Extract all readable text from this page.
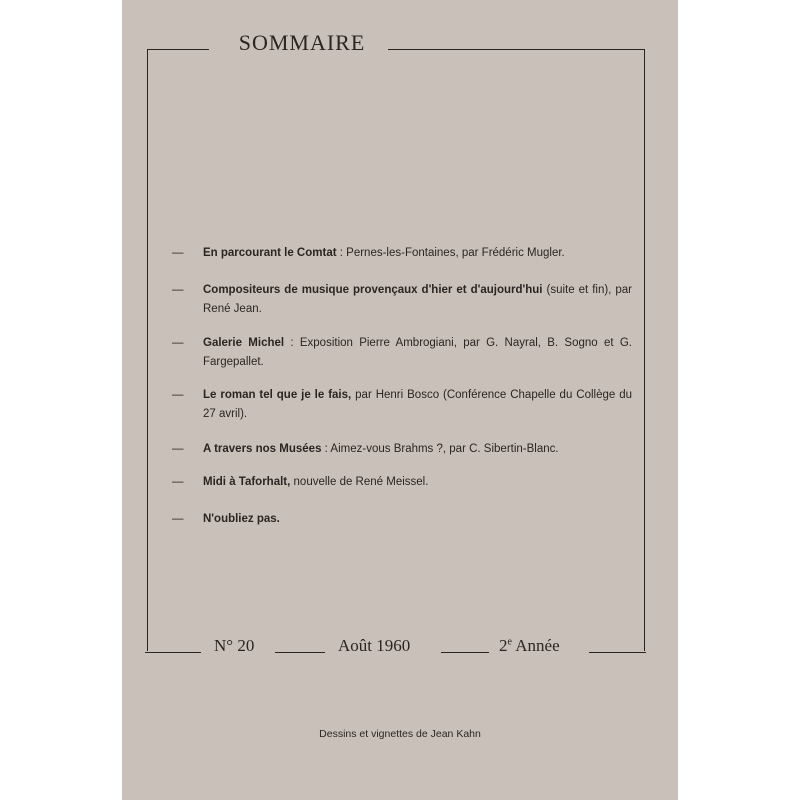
SOMMAIRE
—	En parcourant le Comtat : Pernes-les-Fontaines, par Frédéric Mugler.
—	Compositeurs de musique provençaux d'hier et d'aujourd'hui (suite et fin), par René Jean.
—	Galerie Michel : Exposition Pierre Ambrogiani, par G. Nayral, B. Sogno et G. Fargepallet.
—	Le roman tel que je le fais, par Henri Bosco (Conférence Chapelle du Collège du 27 avril).
—	A travers nos Musées : Aimez-vous Brahms ?, par C. Sibertin-Blanc.
—	Midi à Taforhalt, nouvelle de René Meissel.
—	N'oubliez pas.
N° 20	Août 1960	2e Année
Dessins et vignettes de Jean Kahn
